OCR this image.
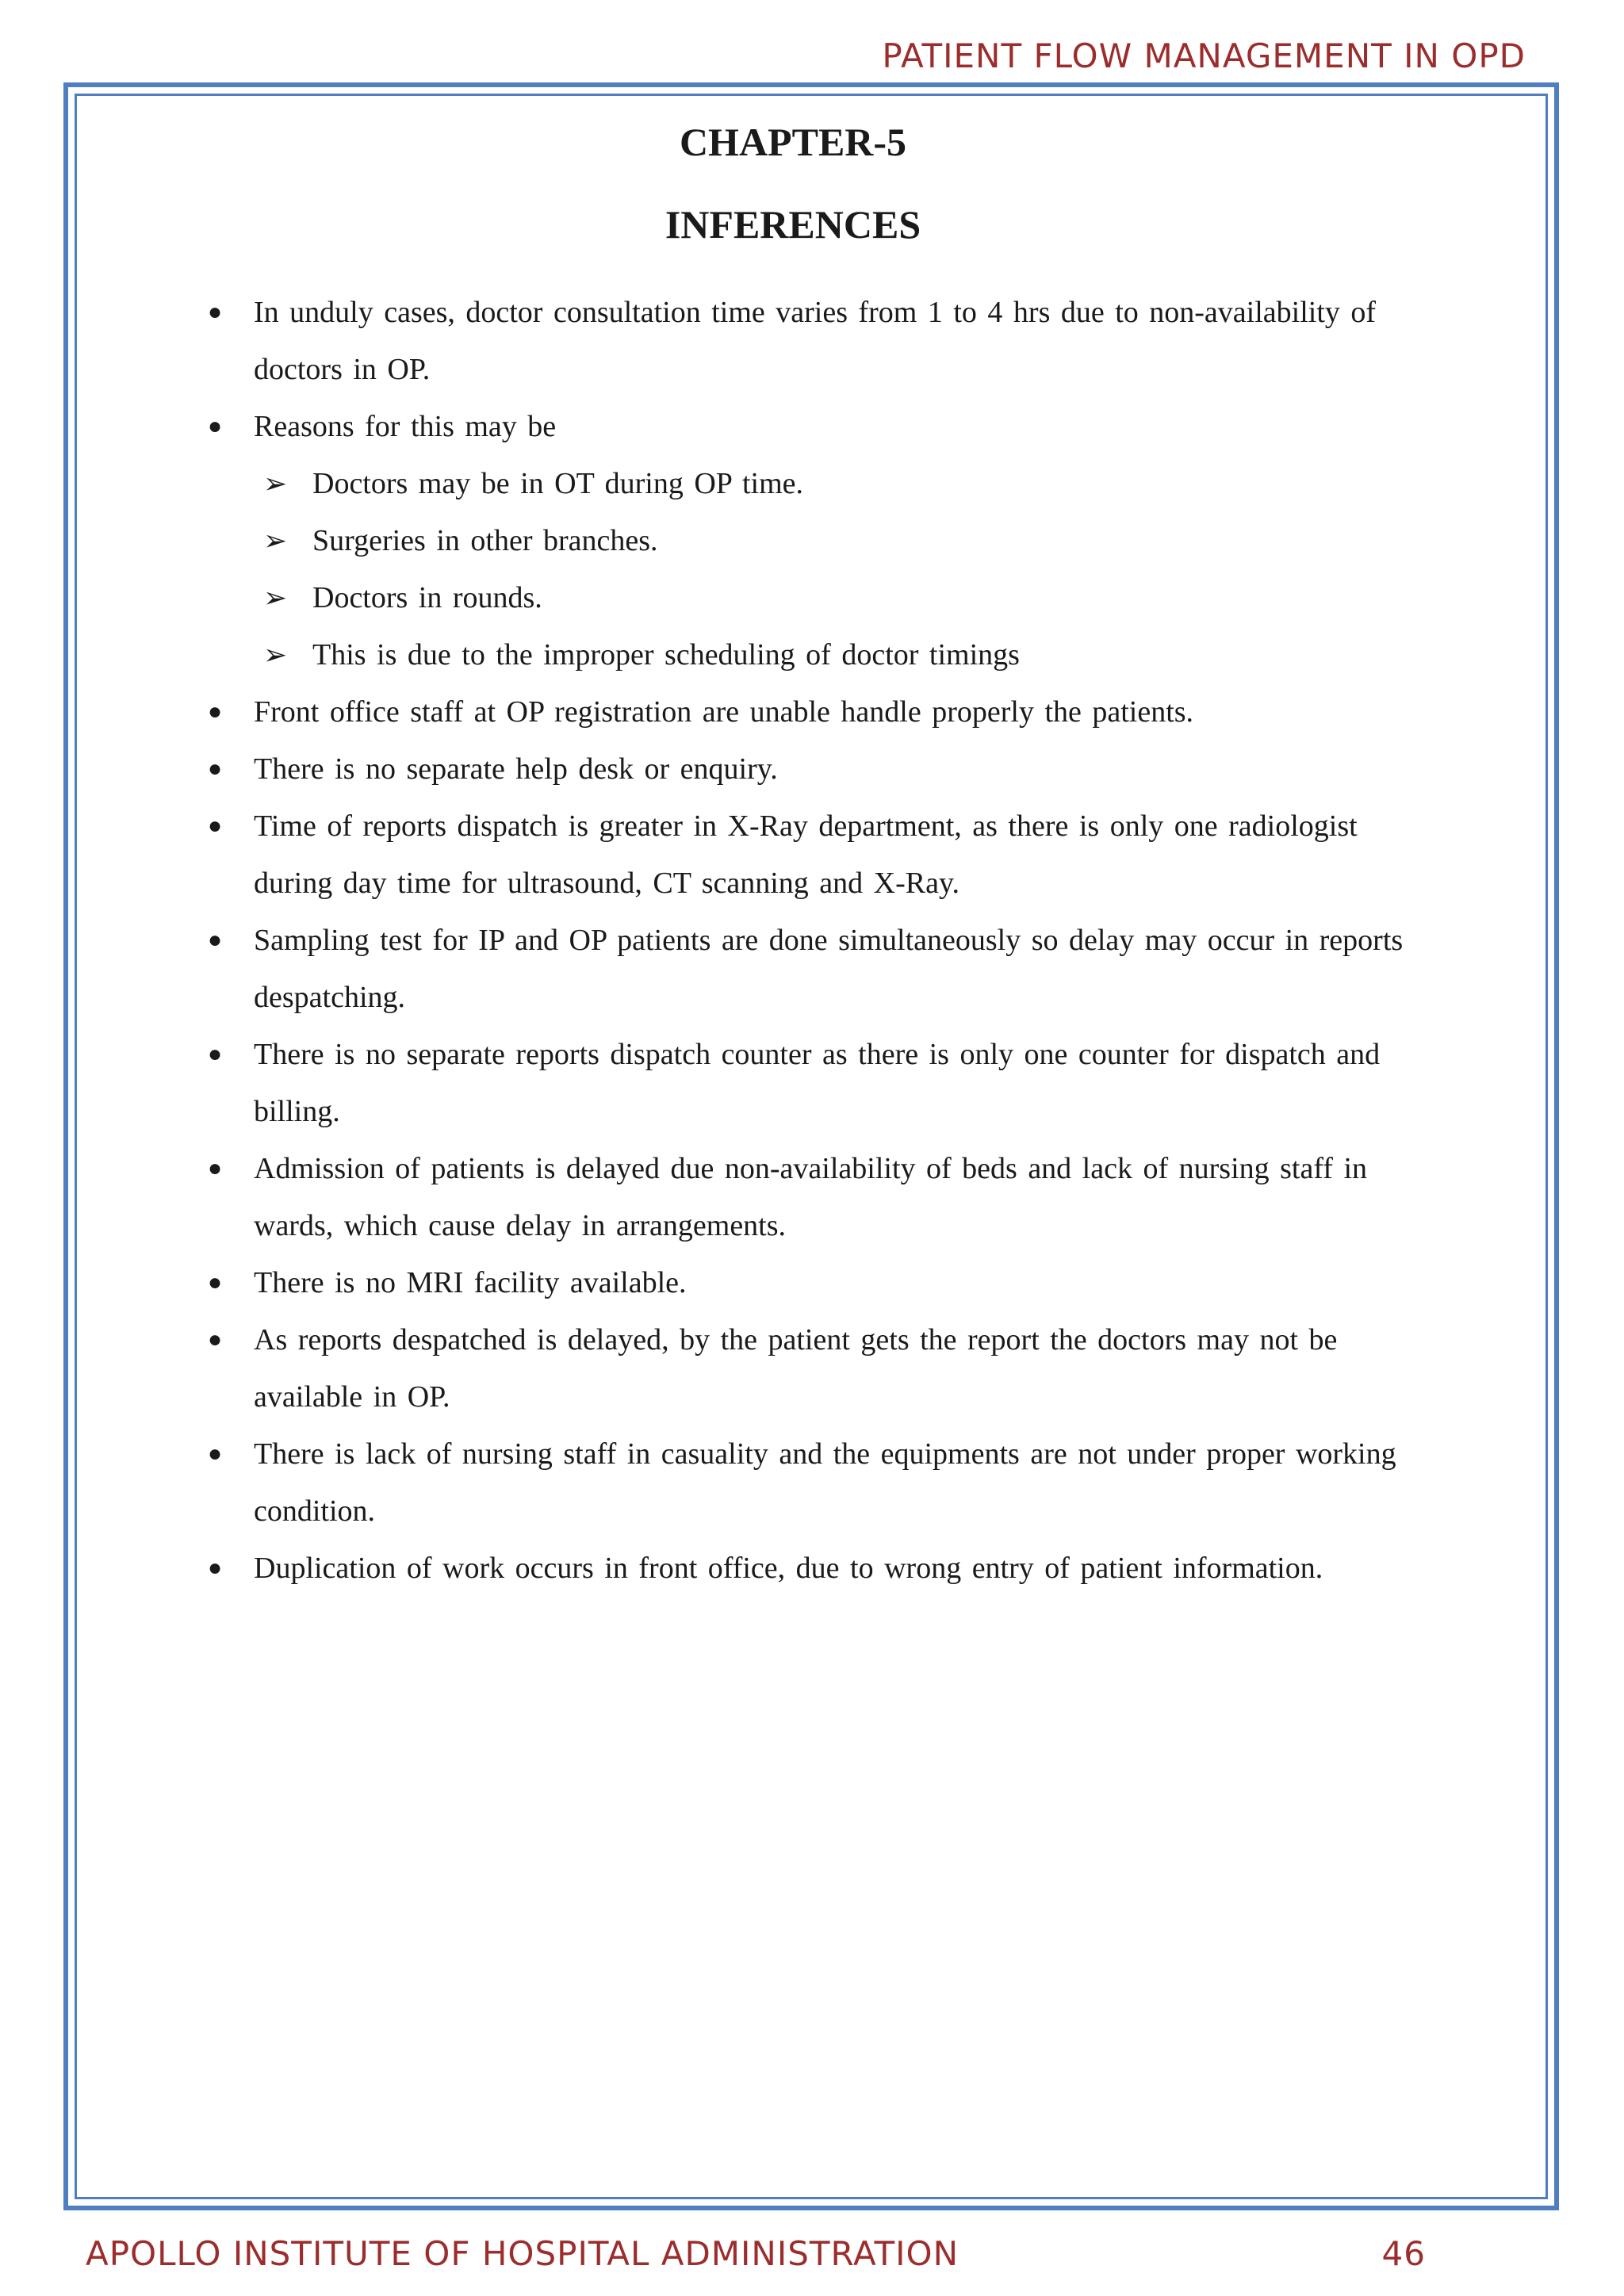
PATIENT FLOW MANAGEMENT IN OPD
CHAPTER-5
INFERENCES
● In unduly cases, doctor consultation time varies from 1 to 4 hrs due to non-availability of doctors in OP.
● Reasons for this may be
➢ Doctors may be in OT during OP time.
➢ Surgeries in other branches.
➢ Doctors in rounds.
➢ This is due to the improper scheduling of doctor timings
● Front office staff at OP registration are unable handle properly the patients.
● There is no separate help desk or enquiry.
● Time of reports dispatch is greater in X-Ray department, as there is only one radiologist during day time for ultrasound, CT scanning and X-Ray.
● Sampling test for IP and OP patients are done simultaneously so delay may occur in reports despatching.
● There is no separate reports dispatch counter as there is only one counter for dispatch and billing.
● Admission of patients is delayed due non-availability of beds and lack of nursing staff in wards, which cause delay in arrangements.
● There is no MRI facility available.
● As reports despatched is delayed, by the patient gets the report the doctors may not be available in OP.
● There is lack of nursing staff in casuality and the equipments are not under proper working condition.
● Duplication of work occurs in front office, due to wrong entry of patient information.
APOLLO INSTITUTE OF HOSPITAL ADMINISTRATION	46
